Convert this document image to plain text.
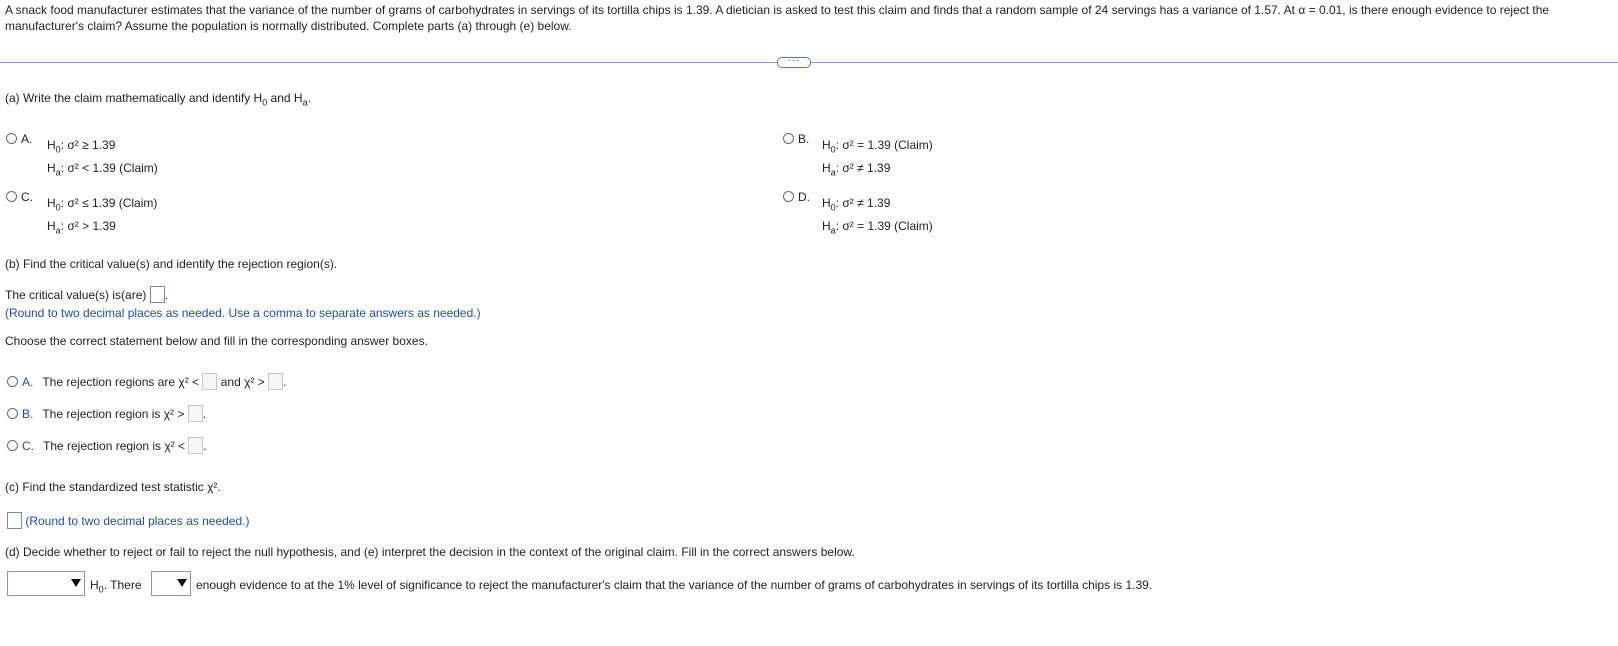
A snack food manufacturer estimates that the variance of the number of grams of carbohydrates in servings of its tortilla chips is 1.39. A dietician is asked to test this claim and finds that a random sample of 24 servings has a variance of 1.57. At α = 0.01, is there enough evidence to reject the manufacturer's claim? Assume the population is normally distributed. Complete parts (a) through (e) below.
···
(a) Write the claim mathematically and identify $H_0$ and $H_a$.
A.	$H_0$: σ² ≥ 1.39
$H_a$: σ² < 1.39 (Claim)
B.	$H_0$: σ² = 1.39 (Claim)
$H_a$: σ² ≠ 1.39
C.	$H_0$: σ² ≤ 1.39 (Claim)
$H_a$: σ² > 1.39
D.	$H_0$: σ² ≠ 1.39
$H_a$: σ² = 1.39 (Claim)
(b) Find the critical value(s) and identify the rejection region(s).
The critical value(s) is(are) .
(Round to two decimal places as needed. Use a comma to separate answers as needed.)
Choose the correct statement below and fill in the corresponding answer boxes.
A. The rejection regions are χ² < and χ² > .
B. The rejection region is χ² > .
C. The rejection region is χ² < .
(c) Find the standardized test statistic χ².
(Round to two decimal places as needed.)
(d) Decide whether to reject or fail to reject the null hypothesis, and (e) interpret the decision in the context of the original claim. Fill in the correct answers below.
$H_0$. There	enough evidence to at the 1% level of significance to reject the manufacturer's claim that the variance of the number of grams of carbohydrates in servings of its tortilla chips is 1.39.
